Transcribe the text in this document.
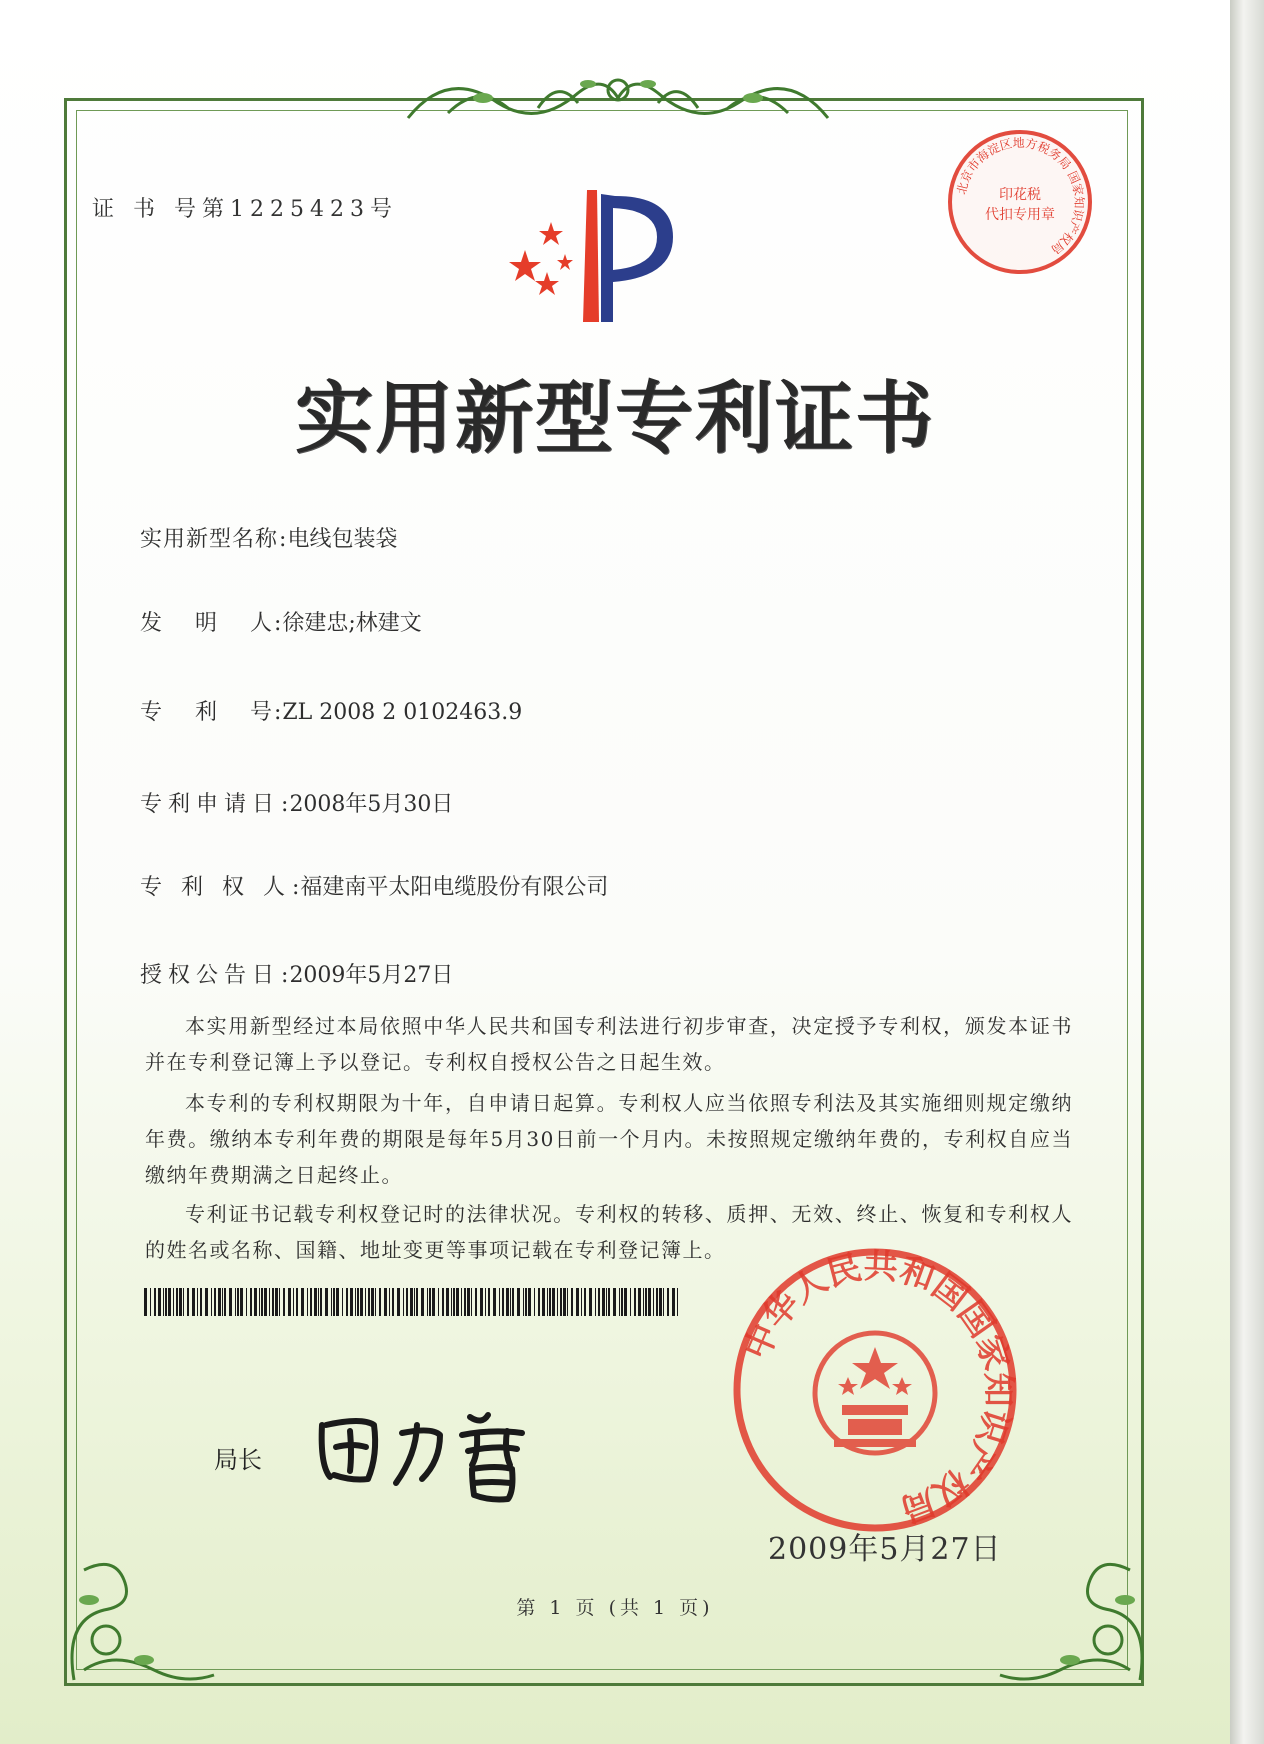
证 书 号第1225423号
实用新型专利证书
实用新型名称:电线包装袋
发    明    人:徐建忠;林建文
专    利    号:ZL 2008 2 0102463.9
专利申请日:2008年5月30日
专 利 权 人:福建南平太阳电缆股份有限公司
授权公告日:2009年5月27日
本实用新型经过本局依照中华人民共和国专利法进行初步审查，决定授予专利权，颁发本证书并在专利登记簿上予以登记。专利权自授权公告之日起生效。
本专利的专利权期限为十年，自申请日起算。专利权人应当依照专利法及其实施细则规定缴纳年费。缴纳本专利年费的期限是每年5月30日前一个月内。未按照规定缴纳年费的，专利权自应当缴纳年费期满之日起终止。
专利证书记载专利权登记时的法律状况。专利权的转移、质押、无效、终止、恢复和专利权人的姓名或名称、国籍、地址变更等事项记载在专利登记簿上。
局长
中华人民共和国国家知识产权局
2009年5月27日
北京市海淀区地方税务局 国家知识产权局
印花税
代扣专用章
第 1 页 (共 1 页)
